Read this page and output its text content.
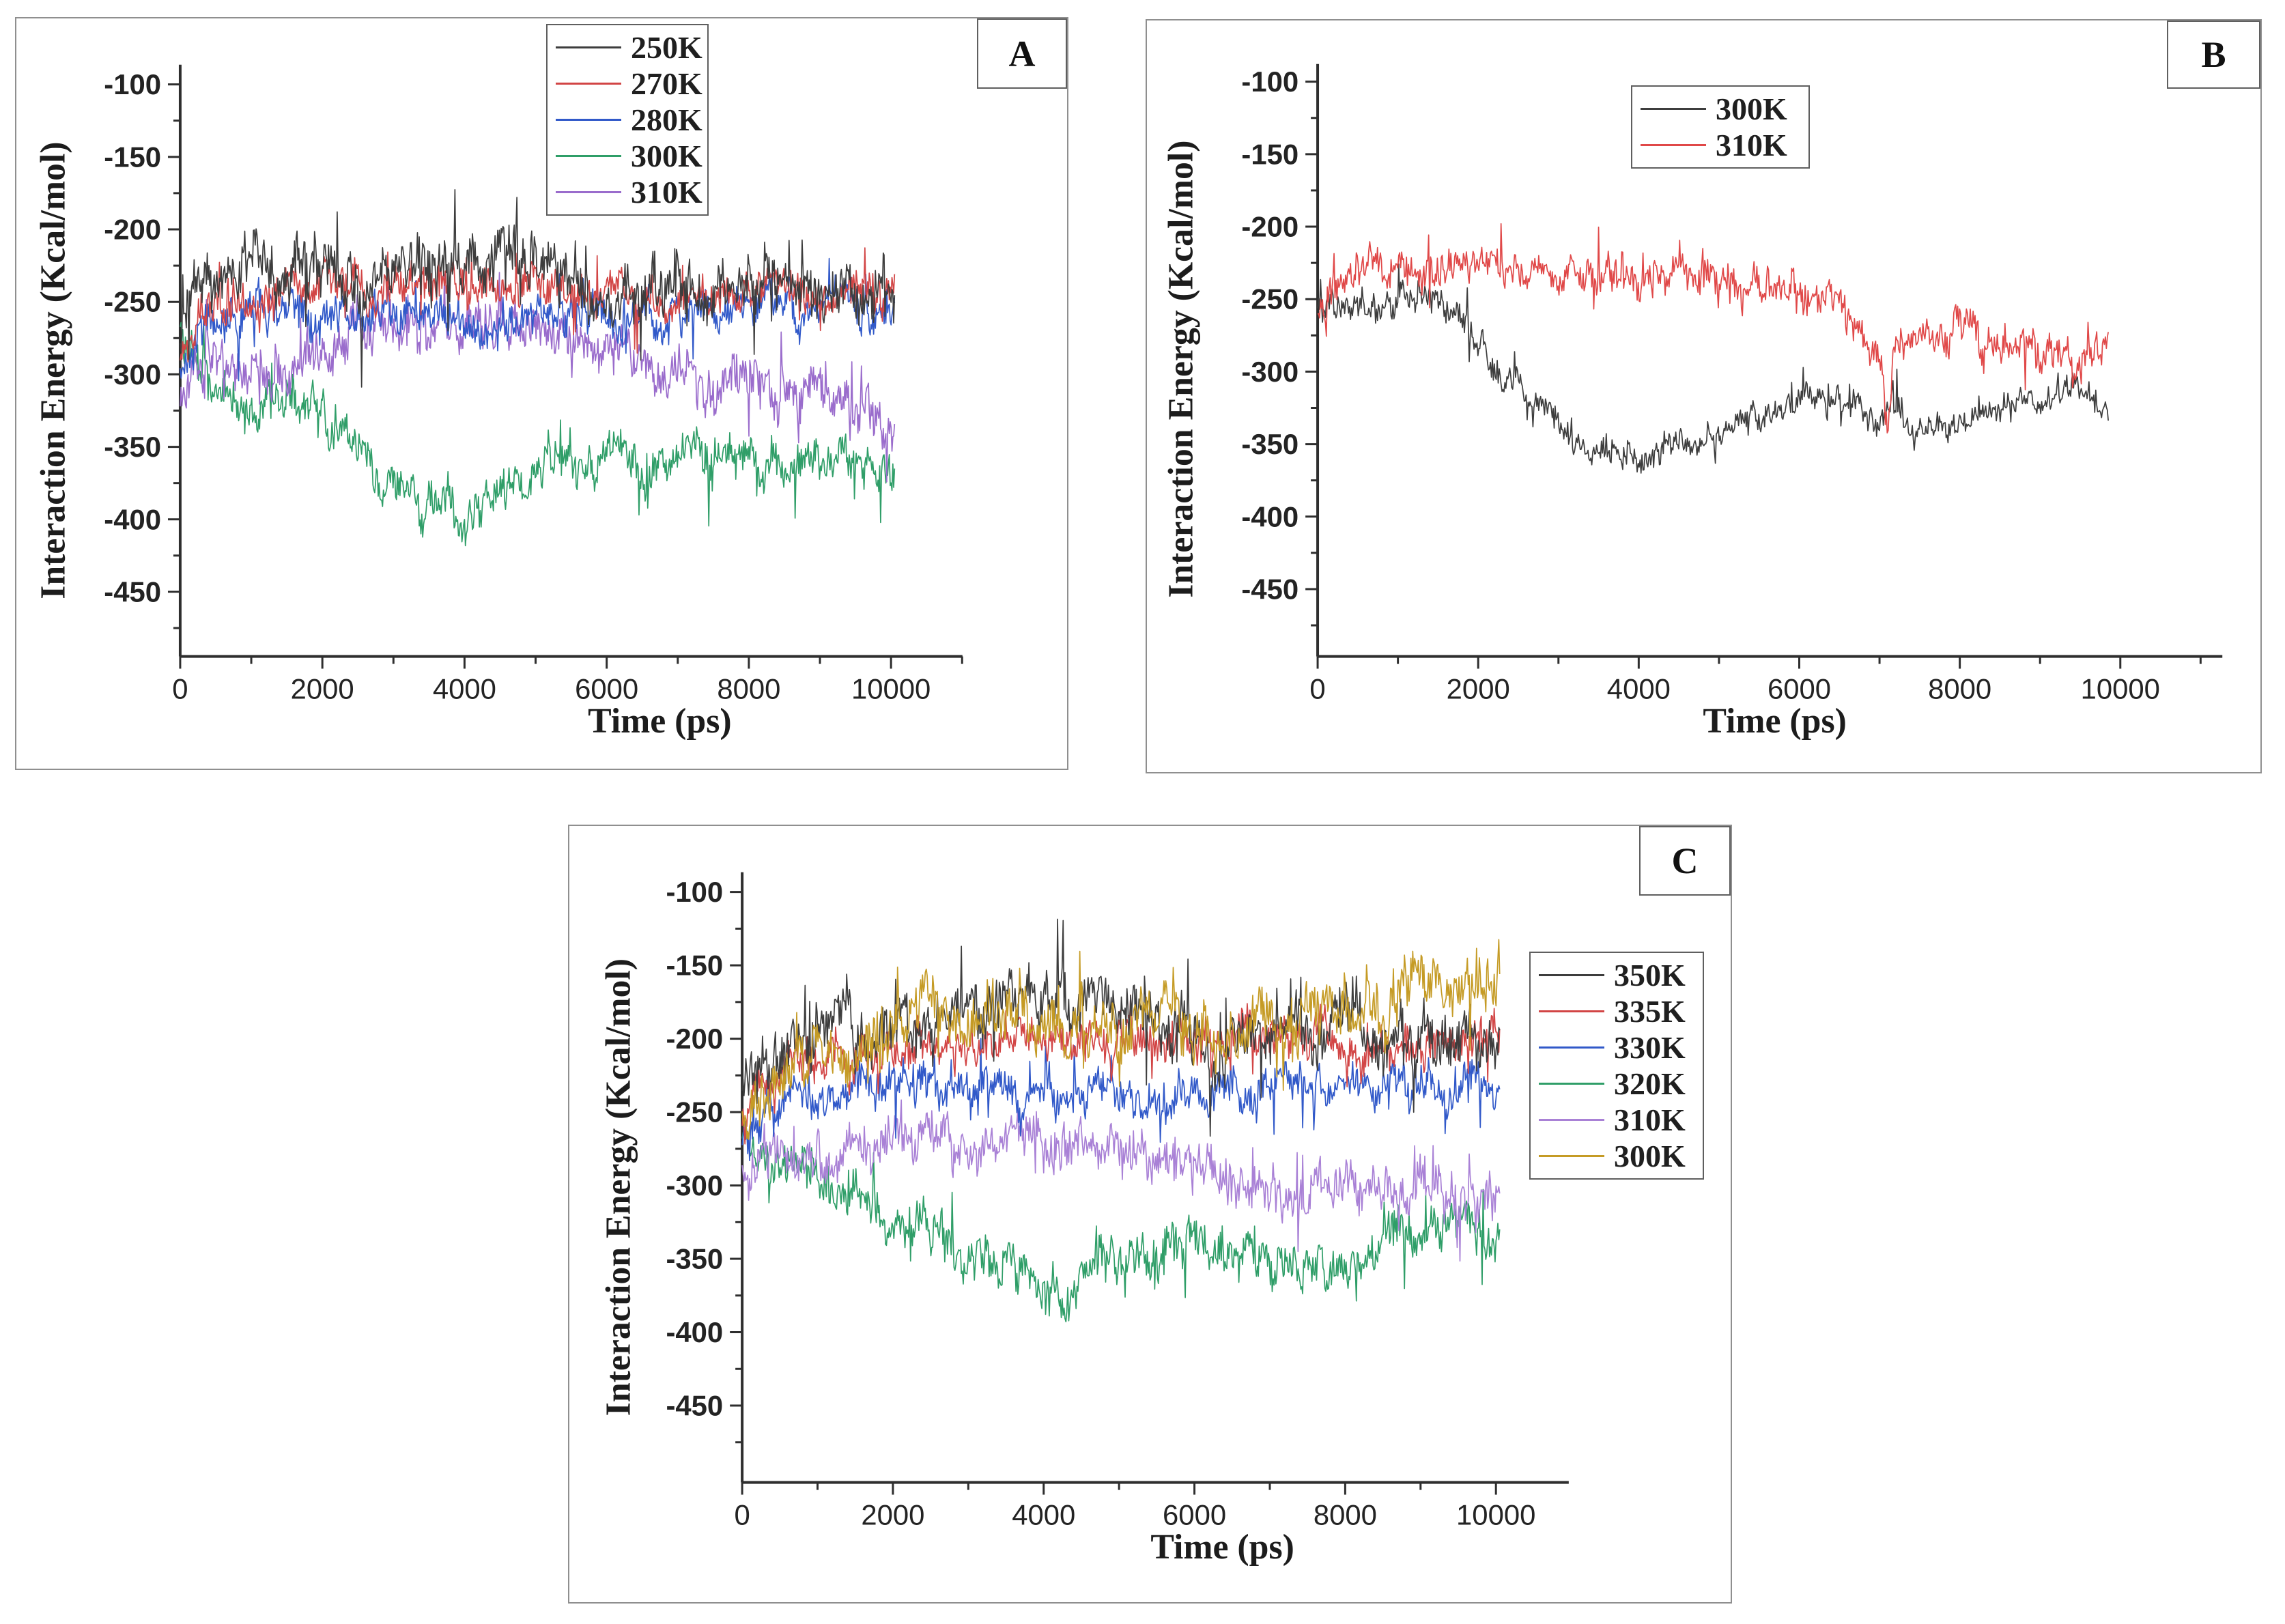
-100
-150
-200
-250
-300
-350
-400
-450
0	2000	4000	6000	8000 10000
Interaction Energy (Kcal/mol)
Time (ps)
250K
270K
280K
300K
310K
A
-100
-150
-200
-250
-300
-350
-400
-450
0	2000	4000	6000	8000	10000
Interaction Energy (Kcal/mol)
Time (ps)
300K
310K
B
-100
-150
-200
-250
-300
-350
-400
-450
0	2000	4000	6000	8000	10000
Interaction Energy (Kcal/mol)
Time (ps)
350K
335K
330K
320K
310K
300K
C
